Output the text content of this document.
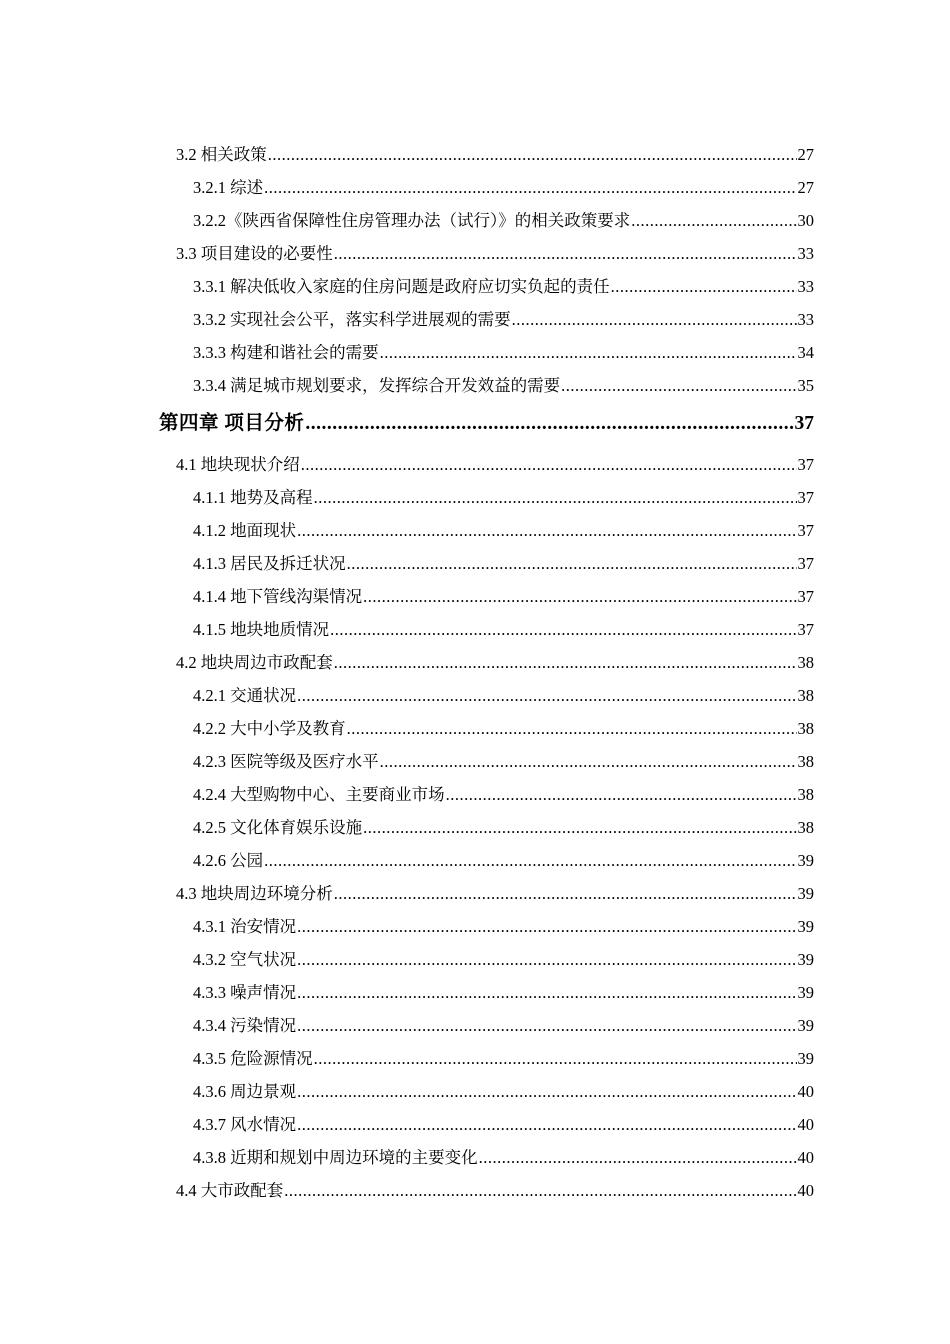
3.2 相关政策 .....	27
3.2.1 综述 .....	27
3.2.2《陕西省保障性住房管理办法（试行）》的相关政策要求 .....	30
3.3 项目建设的必要性 .....	33
3.3.1 解决低收入家庭的住房问题是政府应切实负起的责任 .....	33
3.3.2 实现社会公平，落实科学进展观的需要 .....	33
3.3.3 构建和谐社会的需要 .....	34
3.3.4 满足城市规划要求，发挥综合开发效益的需要 .....	35
第四章 项目分析 .....	37
4.1 地块现状介绍 .....	37
4.1.1 地势及高程 .....	37
4.1.2 地面现状 .....	37
4.1.3 居民及拆迁状况 .....	37
4.1.4 地下管线沟渠情况 .....	37
4.1.5 地块地质情况 .....	37
4.2 地块周边市政配套 .....	38
4.2.1 交通状况 .....	38
4.2.2 大中小学及教育 .....	38
4.2.3 医院等级及医疗水平 .....	38
4.2.4 大型购物中心、主要商业市场 .....	38
4.2.5 文化体育娱乐设施 .....	38
4.2.6 公园 .....	39
4.3 地块周边环境分析 .....	39
4.3.1 治安情况 .....	39
4.3.2 空气状况 .....	39
4.3.3 噪声情况 .....	39
4.3.4 污染情况 .....	39
4.3.5 危险源情况 .....	39
4.3.6 周边景观 .....	40
4.3.7 风水情况 .....	40
4.3.8 近期和规划中周边环境的主要变化 .....	40
4.4 大市政配套 .....	40
